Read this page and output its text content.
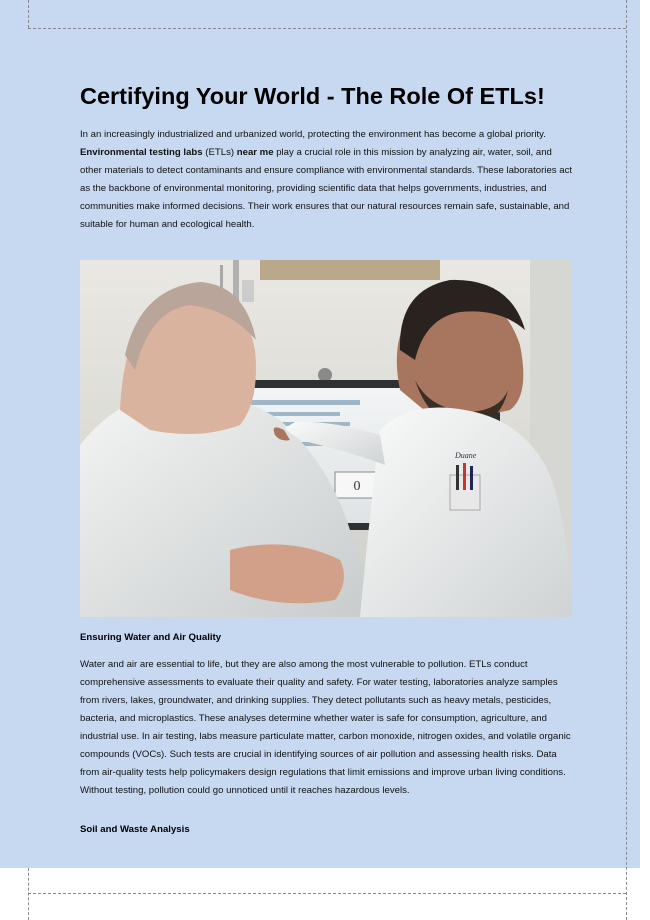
Certifying Your World - The Role Of ETLs!

In an increasingly industrialized and urbanized world, protecting the environment has become a global priority. Environmental testing labs (ETLs) near me play a crucial role in this mission by analyzing air, water, soil, and other materials to detect contaminants and ensure compliance with environmental standards. These laboratories act as the backbone of environmental monitoring, providing scientific data that helps governments, industries, and communities make informed decisions. Their work ensures that our natural resources remain safe, sustainable, and suitable for human and ecological health.

0
Duane
Ensuring Water and Air Quality

Water and air are essential to life, but they are also among the most vulnerable to pollution. ETLs conduct comprehensive assessments to evaluate their quality and safety. For water testing, laboratories analyze samples from rivers, lakes, groundwater, and drinking supplies. They detect pollutants such as heavy metals, pesticides, bacteria, and microplastics. These analyses determine whether water is safe for consumption, agriculture, and industrial use. In air testing, labs measure particulate matter, carbon monoxide, nitrogen oxides, and volatile organic compounds (VOCs). Such tests are crucial in identifying sources of air pollution and assessing health risks. Data from air-quality tests help policymakers design regulations that limit emissions and improve urban living conditions. Without testing, pollution could go unnoticed until it reaches hazardous levels.

Soil and Waste Analysis
